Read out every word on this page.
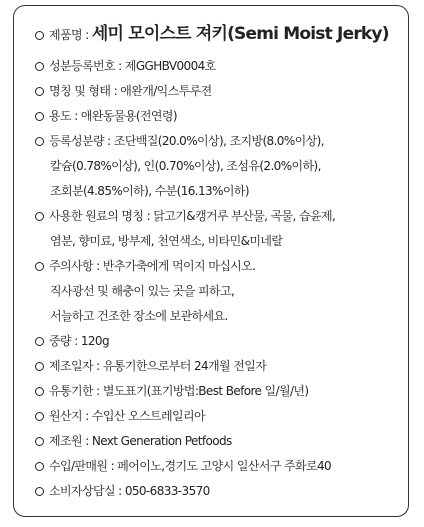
제품명 : 세미 모이스트 져키(Semi Moist Jerky)
성분등록번호 : 제GGHBV0004호
명칭 및 형태 : 애완개/익스투루젼
용도 : 애완동물용(전연령)
등록성분량 : 조단백질(20.0%이상), 조지방(8.0%이상),
칼슘(0.78%이상), 인(0.70%이상), 조섬유(2.0%이하),
조회분(4.85%이하), 수분(16.13%이하)
사용한 원료의 명칭 : 닭고기&캥거루 부산물, 곡물, 습윤제,
염분, 향미료, 방부제, 천연색소, 비타민&미네랄
주의사항 : 반추가축에게 먹이지 마십시오.
직사광선 및 해충이 있는 곳을 피하고,
서늘하고 건조한 장소에 보관하세요.
중량 : 120g
제조일자 : 유통기한으로부터 24개월 전일자
유통기한 : 별도표기(표기방법:Best Before 일/월/년)
원산지 : 수입산 오스트레일리아
제조원 : Next Generation Petfoods
수입/판매원 : 페어이노,경기도 고양시 일산서구 주화로40
소비자상담실 : 050-6833-3570
